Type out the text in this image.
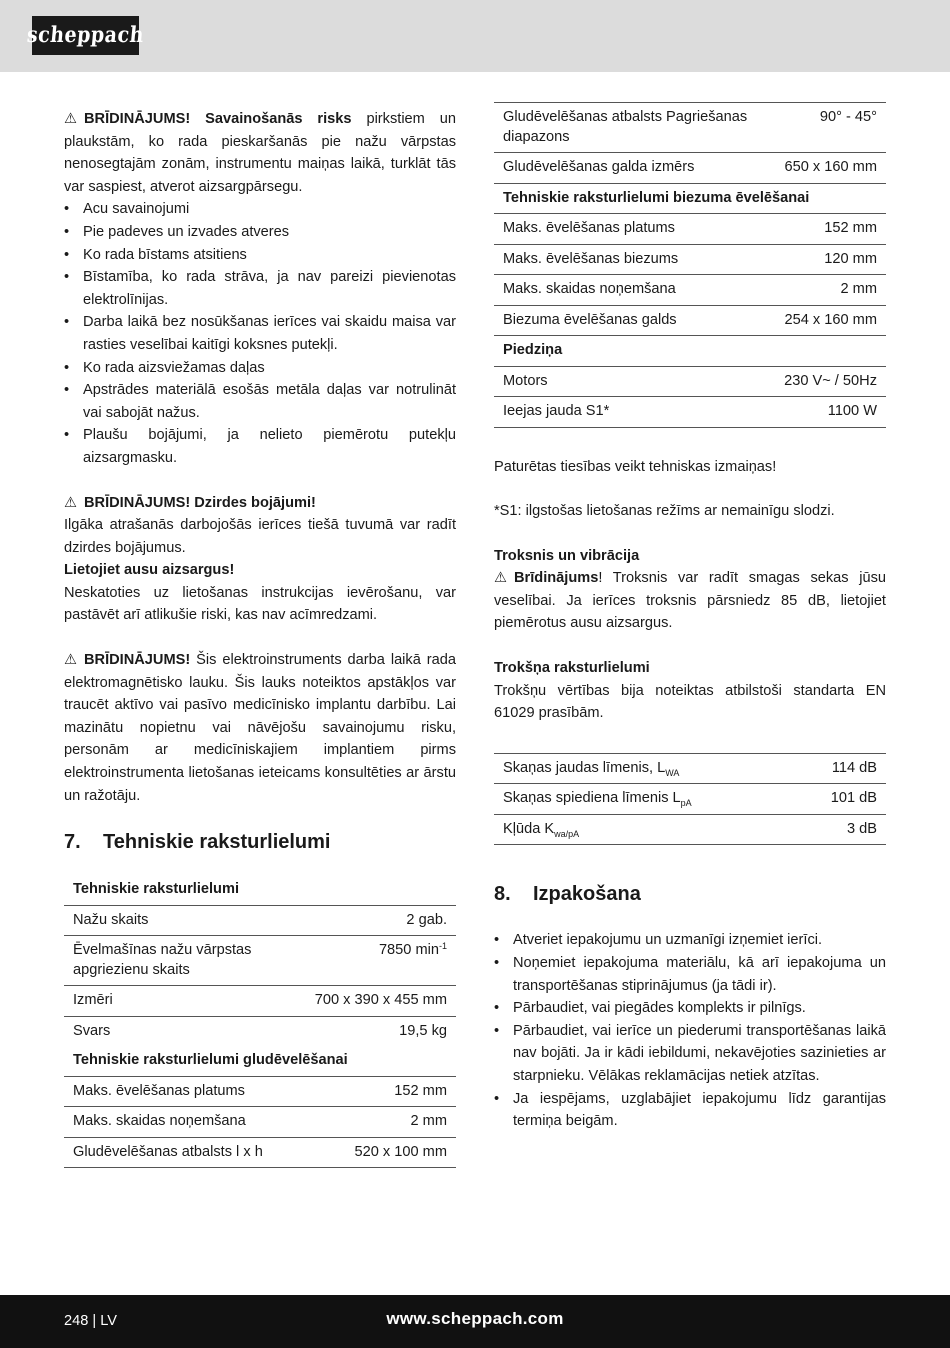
scheppach

⚠ BRĪDINĀJUMS! Savainošanās risks pirkstiem un plaukstām, ko rada pieskaršanās pie nažu vārpstas nenosegtajām zonām, instrumentu maiņas laikā, turklāt tās var saspiest, atverot aizsargpārsegu.

• Acu savainojumi
• Pie padeves un izvades atveres
• Ko rada bīstams atsitiens
• Bīstamība, ko rada strāva, ja nav pareizi pievienotas elektrolīnijas.
• Darba laikā bez nosūkšanas ierīces vai skaidu maisa var rasties veselībai kaitīgi koksnes putekļi.
• Ko rada aizsviežamas daļas
• Apstrādes materiālā esošās metāla daļas var notrulināt vai sabojāt nažus.
• Plaušu bojājumi, ja nelieto piemērotu putekļu aizsargmasku.

⚠ BRĪDINĀJUMS! Dzirdes bojājumi!

Ilgāka atrašanās darbojošās ierīces tiešā tuvumā var radīt dzirdes bojājumus.

Lietojiet ausu aizsargus!

Neskatoties uz lietošanas instrukcijas ievērošanu, var pastāvēt arī atlikušie riski, kas nav acīmredzami.

⚠ BRĪDINĀJUMS! Šis elektroinstruments darba laikā rada elektromagnētisko lauku. Šis lauks noteiktos apstākļos var traucēt aktīvo vai pasīvo medicīnisko implantu darbību. Lai mazinātu nopietnu vai nāvējošu savainojumu risku, personām ar medicīniskajiem implantiem pirms elektroinstrumenta lietošanas ieteicams konsultēties ar ārstu un ražotāju.

7.	Tehniskie raksturlielumi
Tehniskie raksturlielumi	
Nažu skaits	2 gab.
Ēvelmašīnas nažu vārpstas apgriezienu skaits	7850 $\min^{-1}$
Izmēri	700 x 390 x 455 mm
Svars	19,5 kg
Tehniskie raksturlielumi gludēvelēšanai	
Maks. ēvelēšanas platums	152 mm
Maks. skaidas noņemšana	2 mm
Gludēvelēšanas atbalsts l x h	520 x 100 mm
Gludēvelēšanas atbalsts Pagriešanas diapazons	90° - 45°
Gludēvelēšanas galda izmērs	650 x 160 mm
Tehniskie raksturlielumi biezuma ēvelēšanai	
Maks. ēvelēšanas platums	152 mm
Maks. ēvelēšanas biezums	120 mm
Maks. skaidas noņemšana	2 mm
Biezuma ēvelēšanas galds	254 x 160 mm
Piedziņa	
Motors	230 V~ / 50Hz
Ieejas jauda S1*	1100 W

Paturētas tiesības veikt tehniskas izmaiņas!

*S1: ilgstošas lietošanas režīms ar nemainīgu slodzi.

Troksnis un vibrācija

⚠ Brīdinājums! Troksnis var radīt smagas sekas jūsu veselībai. Ja ierīces troksnis pārsniedz 85 dB, lietojiet piemērotus ausu aizsargus.

Trokšņa raksturlielumi

Trokšņu vērtības bija noteiktas atbilstoši standarta EN 61029 prasībām.

Skaņas jaudas līmenis, $L_{WA}$	114 dB
Skaņas spiediena līmenis $L_{pA}$	101 dB
Kļūda $K_{wa/pA}$	3 dB
8.	Izpakošana
• Atveriet iepakojumu un uzmanīgi izņemiet ierīci.
• Noņemiet iepakojuma materiālu, kā arī iepakojuma un transportēšanas stiprinājumus (ja tādi ir).
• Pārbaudiet, vai piegādes komplekts ir pilnīgs.
• Pārbaudiet, vai ierīce un piederumi transportēšanas laikā nav bojāti. Ja ir kādi iebildumi, nekavējoties sazinieties ar starpnieku. Vēlākas reklamācijas netiek atzītas.
• Ja iespējams, uzglabājiet iepakojumu līdz garantijas termiņa beigām.
248 | LV	www.scheppach.com
